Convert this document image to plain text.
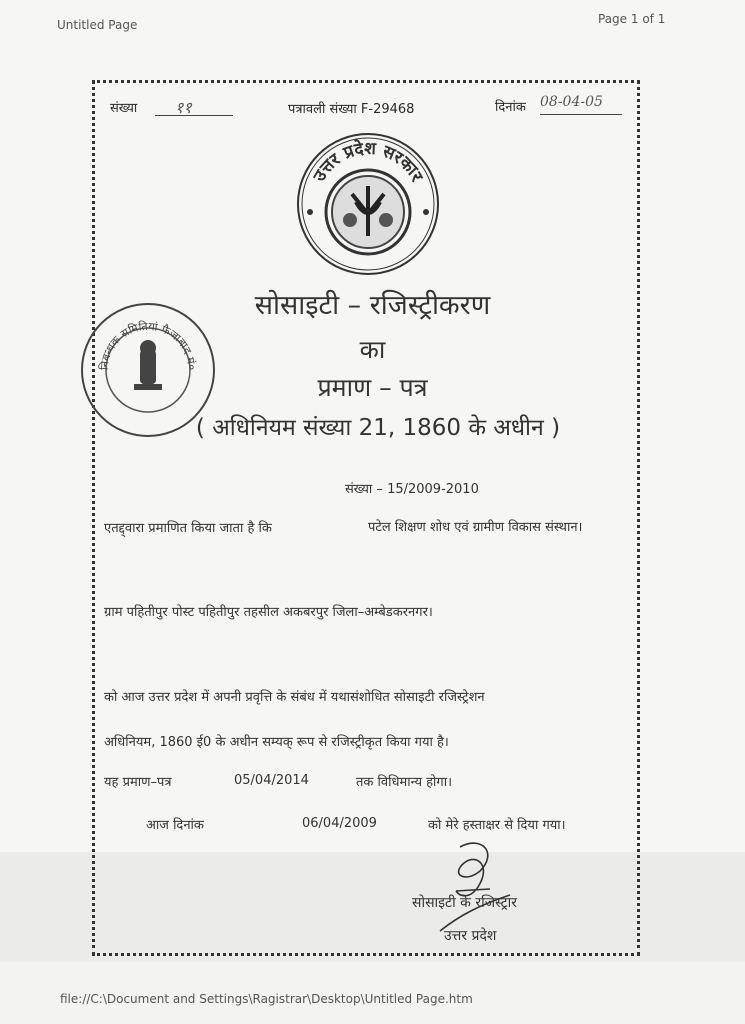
Untitled Page	Page 1 of 1
संख्या	११	पत्रावली संख्या F-29468	दिनांक 08-04-05
उत्तर प्रदेश सरकार
निबन्धक समितियां फैजाबाद मं०
सोसाइटी – रजिस्ट्रीकरण
का
प्रमाण – पत्र
( अधिनियम संख्या 21, 1860 के अधीन )
संख्या – 15/2009-2010
एतद्द्वारा प्रमाणित किया जाता है कि	पटेल शिक्षण शोध एवं ग्रामीण विकास संस्थान।
ग्राम पहितीपुर पोस्ट पहितीपुर तहसील अकबरपुर जिला–अम्बेडकरनगर।
को आज उत्तर प्रदेश में अपनी प्रवृत्ति के संबंध में यथासंशोधित सोसाइटी रजिस्ट्रेशन
अधिनियम, 1860 ई0 के अधीन सम्यक् रूप से रजिस्ट्रीकृत किया गया है।
यह प्रमाण–पत्र	05/04/2014	तक विधिमान्य होगा।
आज दिनांक	06/04/2009	को मेरे हस्ताक्षर से दिया गया।
सोसाइटी के रजिस्ट्रार
उत्तर प्रदेश
file://C:\Document and Settings\Ragistrar\Desktop\Untitled Page.htm
